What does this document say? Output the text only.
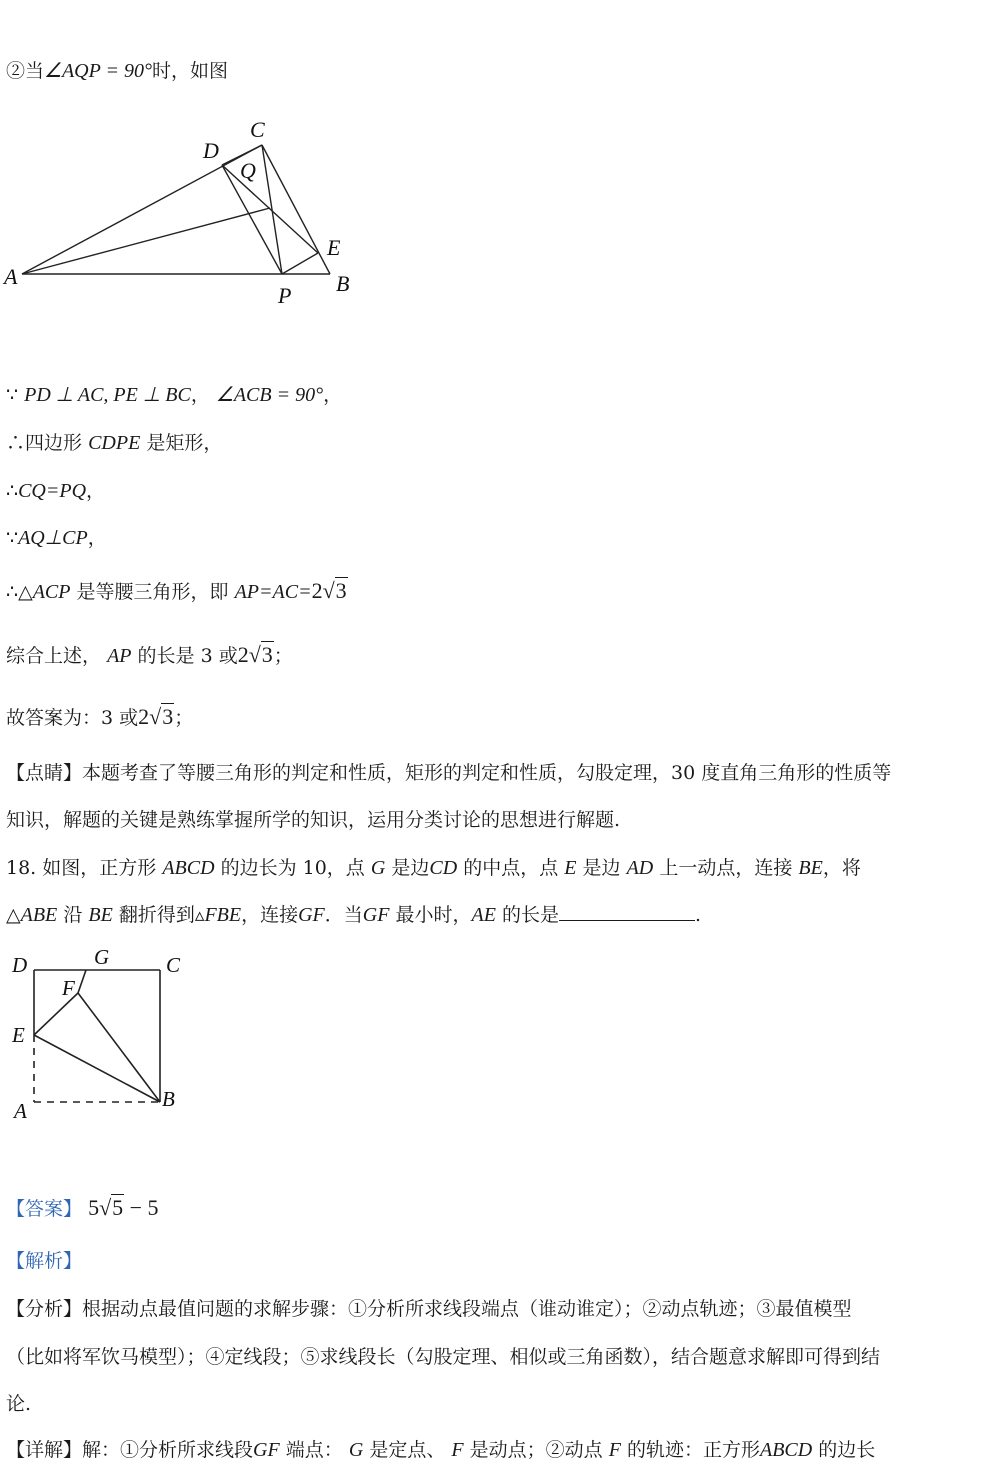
②当∠AQP = 90°时，如图
A	B
C
D
E
P
Q
∵ PD ⊥ AC, PE ⊥ BC， ∠ACB = 90°，
∴四边形 CDPE 是矩形，
∴CQ=PQ，
∵AQ⊥CP，
∴△ACP 是等腰三角形，即 AP=AC=2√3
综合上述， AP 的长是 3 或2√3；
故答案为：3 或2√3；
【点睛】本题考查了等腰三角形的判定和性质，矩形的判定和性质，勾股定理，30 度直角三角形的性质等
知识，解题的关键是熟练掌握所学的知识，运用分类讨论的思想进行解题.
18. 如图，正方形 ABCD 的边长为 10，点 G 是边CD 的中点，点 E 是边 AD 上一动点，连接 BE，将
△ABE 沿 BE 翻折得到▵FBE，连接GF．当GF 最小时，AE 的长是	.
D	G	C
F
E
A	B
【答案】 5√5 − 5
【解析】
【分析】根据动点最值问题的求解步骤：①分析所求线段端点（谁动谁定）；②动点轨迹；③最值模型
（比如将军饮马模型）；④定线段；⑤求线段长（勾股定理、相似或三角函数），结合题意求解即可得到结
论.
【详解】解：①分析所求线段GF 端点： G 是定点、 F 是动点；②动点 F 的轨迹：正方形ABCD 的边长
